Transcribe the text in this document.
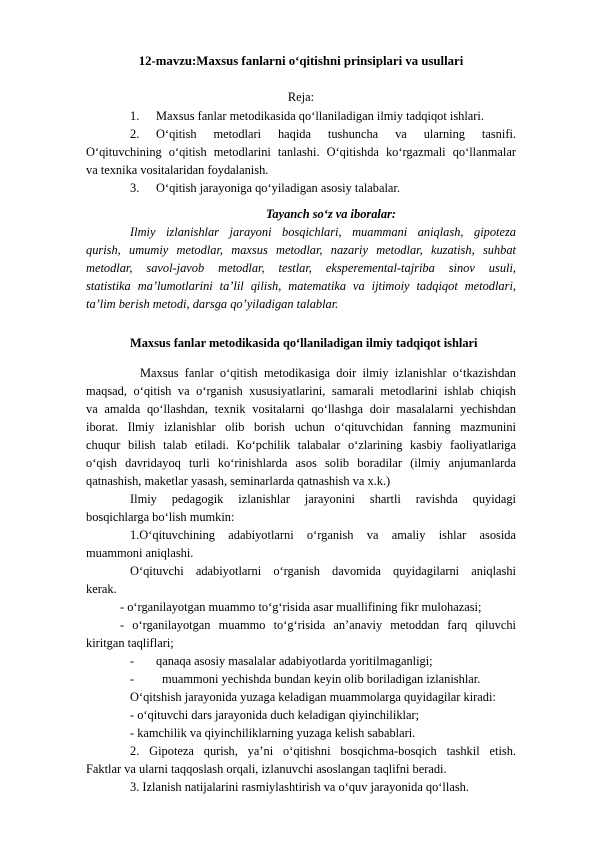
12-mavzu:Maxsus fanlarni o‘qitishni prinsiplari va usullari
Reja:
1. Maxsus fanlar metodikasida qo‘llaniladigan ilmiy tadqiqot ishlari.
2. O‘qitish metodlari haqida tushuncha va ularning tasnifi.
O‘qituvchining o‘qitish metodlarini tanlashi. O‘qitishda ko‘rgazmali qo‘llanmalar
va texnika vositalaridan foydalanish.
3. O‘qitish jarayoniga qo‘yiladigan asosiy talabalar.
Tayanch so‘z va iboralar:
Ilmiy izlanishlar jarayoni bosqichlari, muammani aniqlash, gipoteza
qurish, umumiy metodlar, maxsus metodlar, nazariy metodlar, kuzatish, suhbat
metodlar, savol-javob metodlar, testlar, eksperemental-tajriba sinov usuli,
statistika ma’lumotlarini ta’lil qilish, matematika va ijtimoiy tadqiqot metodlari,
ta’lim berish metodi, darsga qo’yiladigan talablar.
Maxsus fanlar metodikasida qo‘llaniladigan ilmiy tadqiqot ishlari
Maxsus fanlar o‘qitish metodikasiga doir ilmiy izlanishlar o‘tkazishdan
maqsad, o‘qitish va o‘rganish xususiyatlarini, samarali metodlarini ishlab chiqish
va amalda qo‘llashdan, texnik vositalarni qo‘llashga doir masalalarni yechishdan
iborat. Ilmiy izlanishlar olib borish uchun o‘qituvchidan fanning mazmunini
chuqur bilish talab etiladi. Ko‘pchilik talabalar o‘zlarining kasbiy faoliyatlariga
o‘qish davridayoq turli ko‘rinishlarda asos solib boradilar (ilmiy anjumanlarda
qatnashish, maketlar yasash, seminarlarda qatnashish va x.k.)
Ilmiy pedagogik izlanishlar jarayonini shartli ravishda quyidagi
bosqichlarga bo‘lish mumkin:
1.O‘qituvchining adabiyotlarni o‘rganish va amaliy ishlar asosida
muammoni aniqlashi.
O‘qituvchi adabiyotlarni o‘rganish davomida quyidagilarni aniqlashi
kerak.
- o‘rganilayotgan muammo to‘g‘risida asar muallifining fikr mulohazasi;
- o‘rganilayotgan muammo to‘g‘risida an’anaviy metoddan farq qiluvchi
kiritgan taqliflari;
- qanaqa asosiy masalalar adabiyotlarda yoritilmaganligi;
- muammoni yechishda bundan keyin olib boriladigan izlanishlar.
O‘qitshish jarayonida yuzaga keladigan muammolarga quyidagilar kiradi:
- o‘qituvchi dars jarayonida duch keladigan qiyinchiliklar;
- kamchilik va qiyinchiliklarning yuzaga kelish sabablari.
2. Gipoteza qurish, ya’ni o‘qitishni bosqichma-bosqich tashkil etish.
Faktlar va ularni taqqoslash orqali, izlanuvchi asoslangan taqlifni beradi.
3. Izlanish natijalarini rasmiylashtirish va o‘quv jarayonida qo‘llash.
